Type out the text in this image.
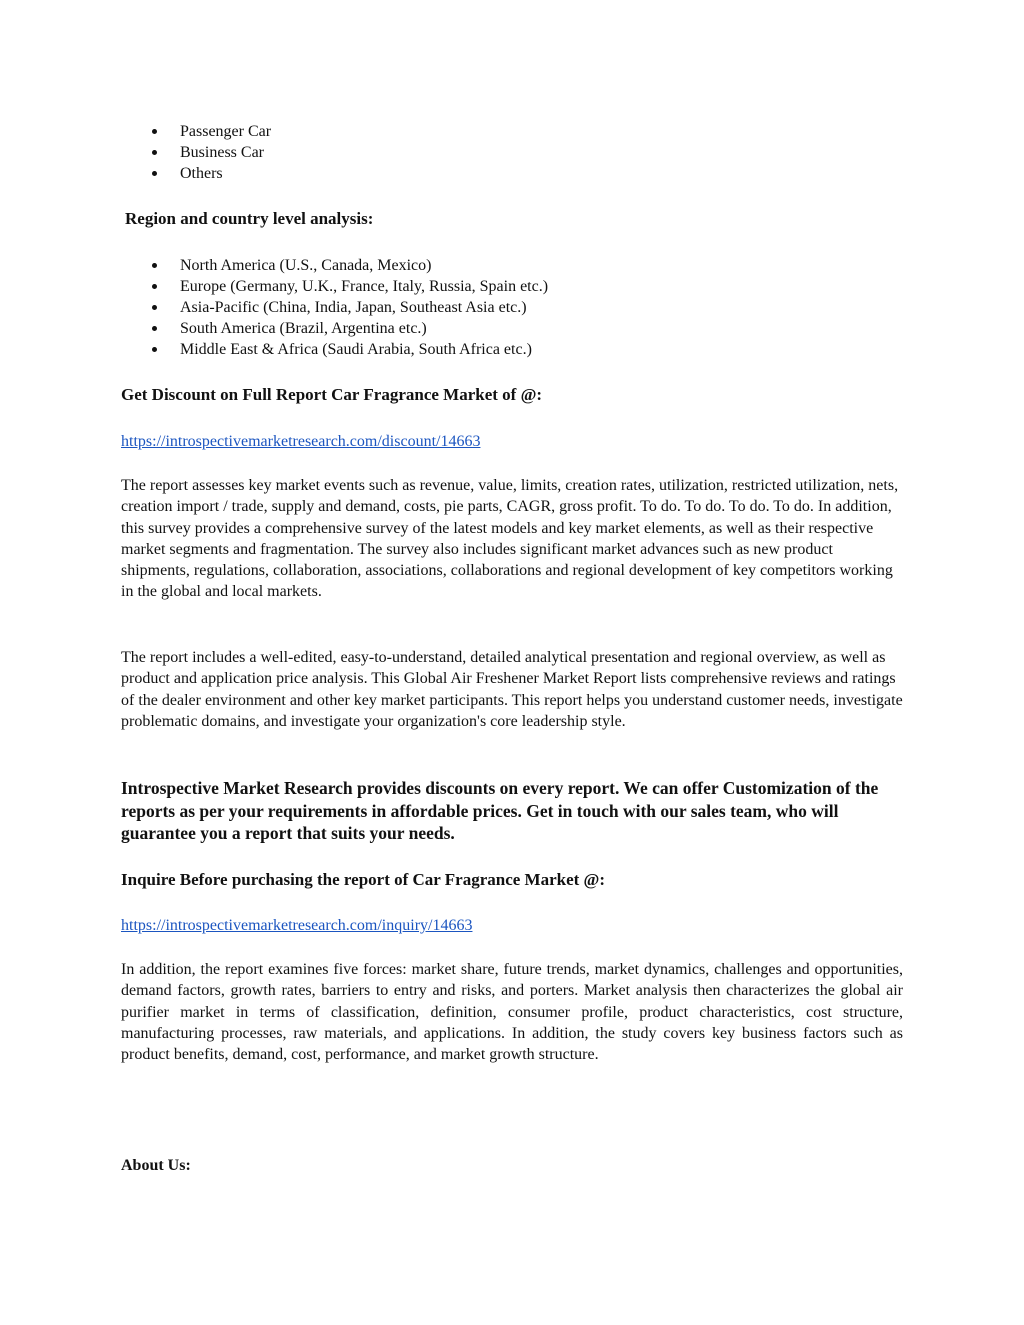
Passenger Car
Business Car
Others
Region and country level analysis:
North America (U.S., Canada, Mexico)
Europe (Germany, U.K., France, Italy, Russia, Spain etc.)
Asia-Pacific (China, India, Japan, Southeast Asia etc.)
South America (Brazil, Argentina etc.)
Middle East & Africa (Saudi Arabia, South Africa etc.)
Get Discount on Full Report Car Fragrance Market of @:
https://introspectivemarketresearch.com/discount/14663

The report assesses key market events such as revenue, value, limits, creation rates, utilization, restricted utilization, nets, creation import / trade, supply and demand, costs, pie parts, CAGR, gross profit. To do. To do. To do. To do. In addition, this survey provides a comprehensive survey of the latest models and key market elements, as well as their respective market segments and fragmentation. The survey also includes significant market advances such as new product shipments, regulations, collaboration, associations, collaborations and regional development of key competitors working in the global and local markets.

The report includes a well-edited, easy-to-understand, detailed analytical presentation and regional overview, as well as product and application price analysis. This Global Air Freshener Market Report lists comprehensive reviews and ratings of the dealer environment and other key market participants. This report helps you understand customer needs, investigate problematic domains, and investigate your organization's core leadership style.

Introspective Market Research provides discounts on every report. We can offer Customization of the reports as per your requirements in affordable prices. Get in touch with our sales team, who will guarantee you a report that suits your needs.

Inquire Before purchasing the report of Car Fragrance Market @:
https://introspectivemarketresearch.com/inquiry/14663

In addition, the report examines five forces: market share, future trends, market dynamics, challenges and opportunities, demand factors, growth rates, barriers to entry and risks, and porters. Market analysis then characterizes the global air purifier market in terms of classification, definition, consumer profile, product characteristics, cost structure, manufacturing processes, raw materials, and applications. In addition, the study covers key business factors such as product benefits, demand, cost, performance, and market growth structure.

About Us:
